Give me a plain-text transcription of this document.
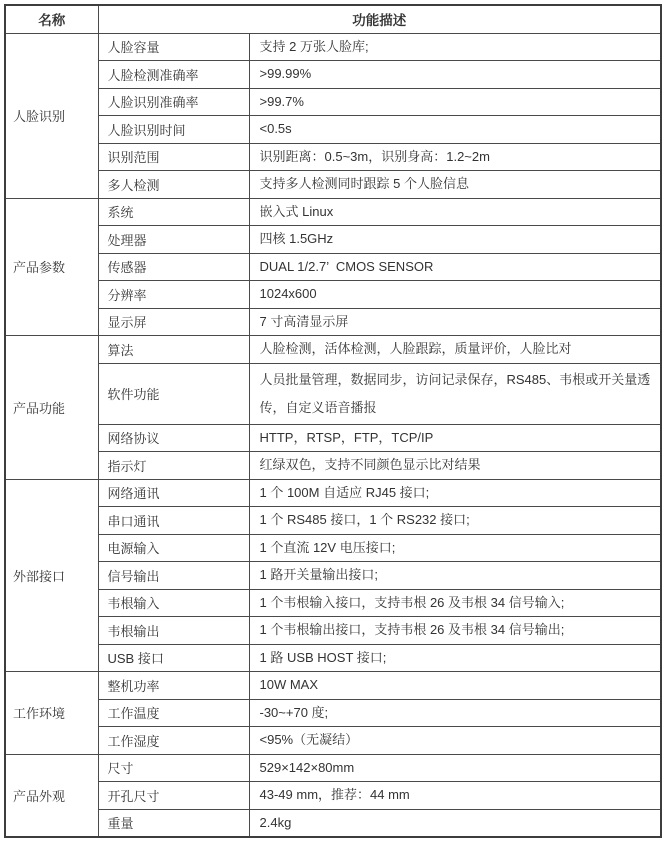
名称	功能描述	
人脸识别	人脸容量	支持 2 万张人脸库;
	人脸检测准确率	>99.99%
	人脸识别准确率	>99.7%
	人脸识别时间	<0.5s
	识别范围	识别距离：0.5~3m，识别身高：1.2~2m
	多人检测	支持多人检测同时跟踪 5 个人脸信息
产品参数	系统	嵌入式 Linux
	处理器	四核 1.5GHz
	传感器	DUAL 1/2.7’  CMOS SENSOR
	分辨率	1024x600
	显示屏	7 寸高清显示屏
产品功能	算法	人脸检测，活体检测，人脸跟踪，质量评价，人脸比对
	软件功能	人员批量管理，数据同步，访问记录保存，RS485、韦根或开关量透传，自定义语音播报
	网络协议	HTTP，RTSP，FTP，TCP/IP
	指示灯	红绿双色，支持不同颜色显示比对结果
外部接口	网络通讯	1 个 100M 自适应 RJ45 接口;
	串口通讯	1 个 RS485 接口，1 个 RS232 接口;
	电源输入	1 个直流 12V 电压接口;
	信号输出	1 路开关量输出接口;
	韦根输入	1 个韦根输入接口，支持韦根 26 及韦根 34 信号输入;
	韦根输出	1 个韦根输出接口，支持韦根 26 及韦根 34 信号输出;
	USB 接口	1 路 USB HOST 接口;
工作环境	整机功率	10W MAX
	工作温度	-30~+70 度;
	工作湿度	<95%（无凝结）
产品外观	尺寸	529×142×80mm
	开孔尺寸	43-49 mm，推荐：44 mm
	重量	2.4kg
